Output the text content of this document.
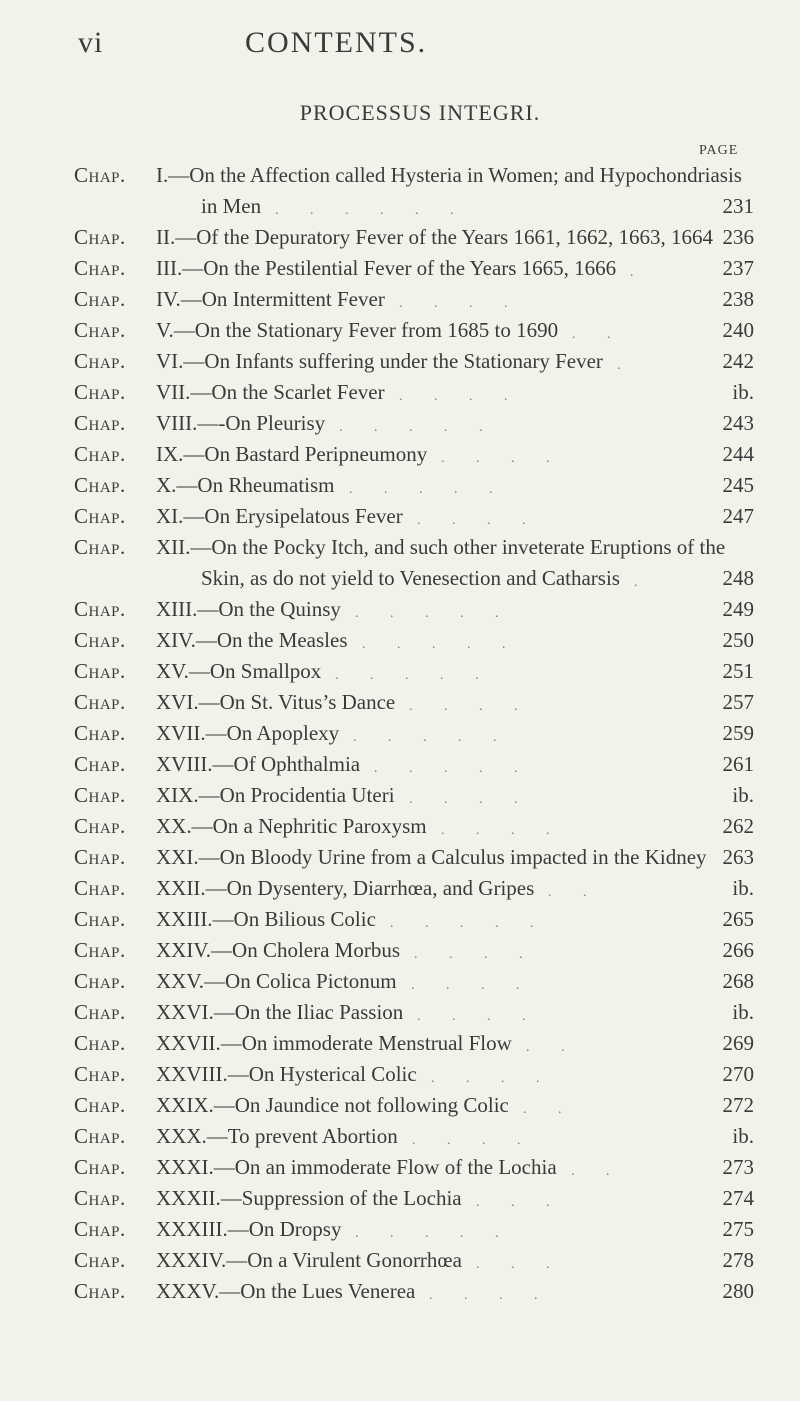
vi	CONTENTS.
PROCESSUS INTEGRI.
PAGE
Chap. I.—On the Affection called Hysteria in Women; and Hypochondriasis
in Men . . . . . .	231
Chap. II.—Of the Depuratory Fever of the Years 1661, 1662, 1663, 1664 236
Chap. III.—On the Pestilential Fever of the Years 1665, 1666 .	237
Chap. IV.—On Intermittent Fever . . . .	238
Chap. V.—On the Stationary Fever from 1685 to 1690 . .	240
Chap. VI.—On Infants suffering under the Stationary Fever .	242
Chap. VII.—On the Scarlet Fever . . . .	ib.
Chap. VIII.—-On Pleurisy . . . . .	243
Chap. IX.—On Bastard Peripneumony . . . .	244
Chap. X.—On Rheumatism . . . . .	245
Chap. XI.—On Erysipelatous Fever . . . .	247
Chap. XII.—On the Pocky Itch, and such other inveterate Eruptions of the
Skin, as do not yield to Venesection and Catharsis .	248
Chap. XIII.—On the Quinsy . . . . .	249
Chap. XIV.—On the Measles . . . . .	250
Chap. XV.—On Smallpox . . . . .	251
Chap. XVI.—On St. Vitus’s Dance . . . .	257
Chap. XVII.—On Apoplexy . . . . .	259
Chap. XVIII.—Of Ophthalmia . . . . .	261
Chap. XIX.—On Procidentia Uteri . . . .	ib.
Chap. XX.—On a Nephritic Paroxysm . . . .	262
Chap. XXI.—On Bloody Urine from a Calculus impacted in the Kidney 263
Chap. XXII.—On Dysentery, Diarrhœa, and Gripes . .	ib.
Chap. XXIII.—On Bilious Colic . . . . .	265
Chap. XXIV.—On Cholera Morbus . . . .	266
Chap. XXV.—On Colica Pictonum . . . .	268
Chap. XXVI.—On the Iliac Passion . . . .	ib.
Chap. XXVII.—On immoderate Menstrual Flow . .	269
Chap. XXVIII.—On Hysterical Colic . . . .	270
Chap. XXIX.—On Jaundice not following Colic . .	272
Chap. XXX.—To prevent Abortion . . . .	ib.
Chap. XXXI.—On an immoderate Flow of the Lochia . .	273
Chap. XXXII.—Suppression of the Lochia . . .	274
Chap. XXXIII.—On Dropsy . . . . .	275
Chap. XXXIV.—On a Virulent Gonorrhœa . . .	278
Chap. XXXV.—On the Lues Venerea . . . .	280
